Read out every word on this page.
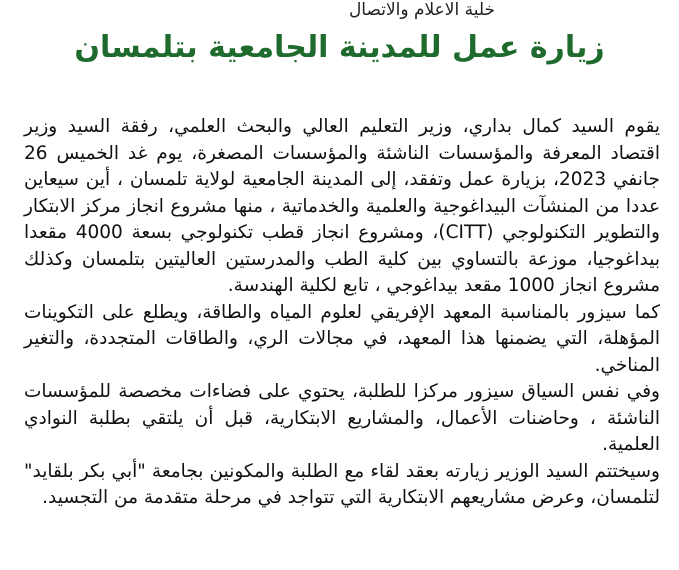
خلية الاعلام والاتصال
زيارة عمل للمدينة الجامعية بتلمسان

يقوم السيد كمال بداري، وزير التعليم العالي والبحث العلمي، رفقة السيد وزير اقتصاد المعرفة والمؤسسات الناشئة والمؤسسات المصغرة، يوم غد الخميس 26 جانفي 2023، بزيارة عمل وتفقد، إلى المدينة الجامعية لولاية تلمسان ، أين سيعاين عددا من المنشآت البيداغوجية والعلمية والخدماتية ، منها مشروع انجاز مركز الابتكار والتطوير التكنولوجي (CITT)، ومشروع انجاز قطب تكنولوجي بسعة 4000 مقعدا بيداغوجيا، موزعة بالتساوي بين كلية الطب والمدرستين العاليتين بتلمسان وكذلك مشروع انجاز 1000 مقعد بيداغوجي ، تابع لكلية الهندسة.

كما سيزور بالمناسبة المعهد الإفريقي لعلوم المياه والطاقة، ويطلع على التكوينات المؤهلة، التي يضمنها هذا المعهد، في مجالات الري، والطاقات المتجددة، والتغير المناخي.

وفي نفس السياق سيزور مركزا للطلبة، يحتوي على فضاءات مخصصة للمؤسسات الناشئة ، وحاضنات الأعمال، والمشاريع الابتكارية، قبل أن يلتقي بطلبة النوادي العلمية.

وسيختتم السيد الوزير زيارته بعقد لقاء مع الطلبة والمكونين بجامعة "أبي بكر بلقايد" لتلمسان، وعرض مشاريعهم الابتكارية التي تتواجد في مرحلة متقدمة من التجسيد.
